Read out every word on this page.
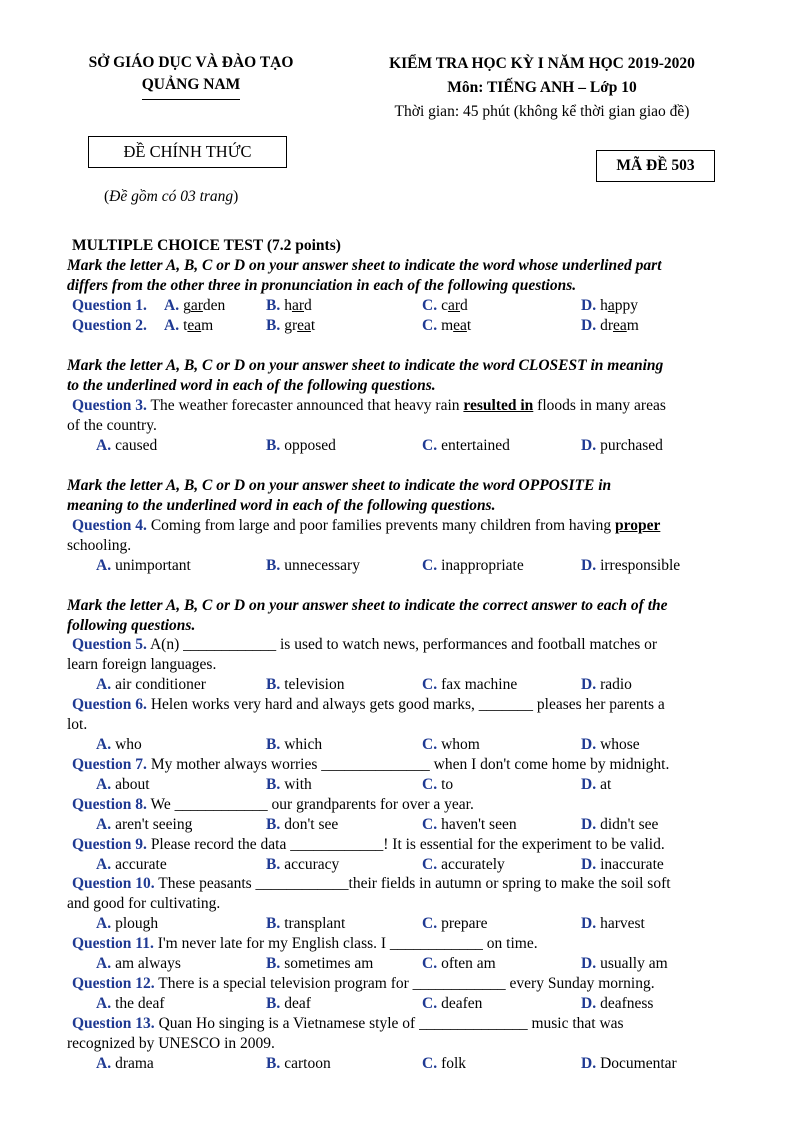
SỞ GIÁO DỤC VÀ ĐÀO TẠO
QUẢNG NAM
KIỂM TRA HỌC KỲ I NĂM HỌC 2019-2020
Môn: TIẾNG ANH – Lớp 10
Thời gian: 45 phút (không kể thời gian giao đề)
ĐỀ CHÍNH THỨC
MÃ ĐỀ 503
(Đề gồm có 03 trang)
MULTIPLE CHOICE TEST (7.2 points)
Mark the letter A, B, C or D on your answer sheet to indicate the word whose underlined part
differs from the other three in pronunciation in each of the following questions.
Question 1. A. garden	B. hard	C. card	D. happy
Question 2. A. team	B. great	C. meat	D. dream
Mark the letter A, B, C or D on your answer sheet to indicate the word CLOSEST in meaning
to the underlined word in each of the following questions.
Question 3. The weather forecaster announced that heavy rain resulted in floods in many areas
of the country.
A. caused	B. opposed	C. entertained	D. purchased
Mark the letter A, B, C or D on your answer sheet to indicate the word OPPOSITE in
meaning to the underlined word in each of the following questions.
Question 4. Coming from large and poor families prevents many children from having proper
schooling.
A. unimportant	B. unnecessary	C. inappropriate	D. irresponsible
Mark the letter A, B, C or D on your answer sheet to indicate the correct answer to each of the
following questions.
Question 5. A(n) ____________ is used to watch news, performances and football matches or
learn foreign languages.
A. air conditioner	B. television	C. fax machine	D. radio
Question 6. Helen works very hard and always gets good marks, _______ pleases her parents a
lot.
A. who	B. which	C. whom	D. whose
Question 7. My mother always worries ______________ when I don't come home by midnight.
A. about	B. with	C. to	D. at
Question 8. We ____________ our grandparents for over a year.
A. aren't seeing	B. don't see	C. haven't seen	D. didn't see
Question 9. Please record the data ____________! It is essential for the experiment to be valid.
A. accurate	B. accuracy	C. accurately	D. inaccurate
Question 10. These peasants ____________their fields in autumn or spring to make the soil soft
and good for cultivating.
A. plough	B. transplant	C. prepare	D. harvest
Question 11. I'm never late for my English class. I ____________ on time.
A. am always	B. sometimes am	C. often am	D. usually am
Question 12. There is a special television program for ____________ every Sunday morning.
A. the deaf	B. deaf	C. deafen	D. deafness
Question 13. Quan Ho singing is a Vietnamese style of ______________ music that was
recognized by UNESCO in 2009.
A. drama	B. cartoon	C. folk	D. Documentar
